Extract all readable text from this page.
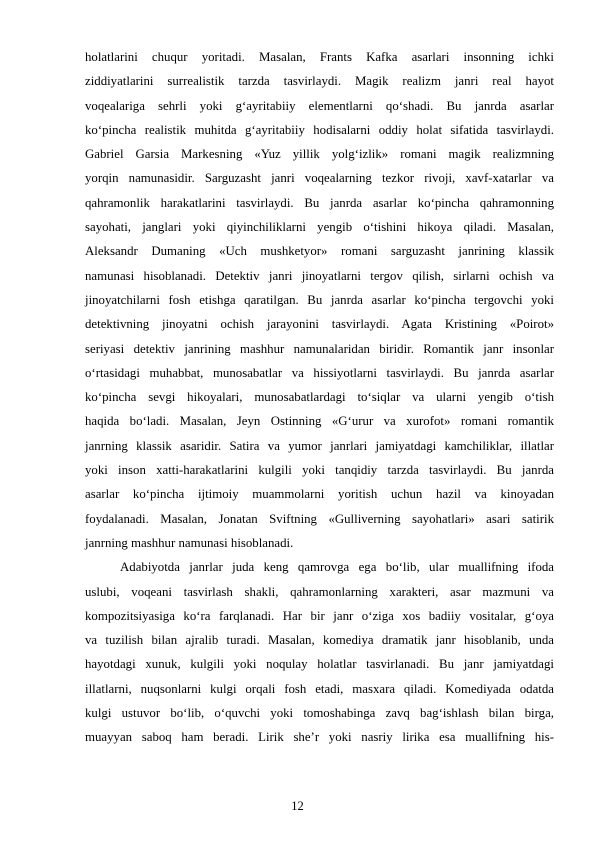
holatlarini chuqur yoritadi. Masalan, Frants Kafka asarlari insonning ichki
ziddiyatlarini surrealistik tarzda tasvirlaydi. Magik realizm janri real hayot
voqealariga sehrli yoki g‘ayritabiiy elementlarni qo‘shadi. Bu janrda asarlar
ko‘pincha realistik muhitda g‘ayritabiiy hodisalarni oddiy holat sifatida tasvirlaydi.
Gabriel Garsia Markesning «Yuz yillik yolg‘izlik» romani magik realizmning
yorqin namunasidir. Sarguzasht janri voqealarning tezkor rivoji, xavf-xatarlar va
qahramonlik harakatlarini tasvirlaydi. Bu janrda asarlar ko‘pincha qahramonning
sayohati, janglari yoki qiyinchiliklarni yengib o‘tishini hikoya qiladi. Masalan,
Aleksandr Dumaning «Uch mushketyor» romani sarguzasht janrining klassik
namunasi hisoblanadi. Detektiv janri jinoyatlarni tergov qilish, sirlarni ochish va
jinoyatchilarni fosh etishga qaratilgan. Bu janrda asarlar ko‘pincha tergovchi yoki
detektivning jinoyatni ochish jarayonini tasvirlaydi. Agata Kristining «Poirot»
seriyasi detektiv janrining mashhur namunalaridan biridir. Romantik janr insonlar
o‘rtasidagi muhabbat, munosabatlar va hissiyotlarni tasvirlaydi. Bu janrda asarlar
ko‘pincha sevgi hikoyalari, munosabatlardagi to‘siqlar va ularni yengib o‘tish
haqida bo‘ladi. Masalan, Jeyn Ostinning «G‘urur va xurofot» romani romantik
janrning klassik asaridir. Satira va yumor janrlari jamiyatdagi kamchiliklar, illatlar
yoki inson xatti-harakatlarini kulgili yoki tanqidiy tarzda tasvirlaydi. Bu janrda
asarlar ko‘pincha ijtimoiy muammolarni yoritish uchun hazil va kinoyadan
foydalanadi. Masalan, Jonatan Sviftning «Gulliverning sayohatlari» asari satirik
janrning mashhur namunasi hisoblanadi.
Adabiyotda janrlar juda keng qamrovga ega bo‘lib, ular muallifning ifoda
uslubi, voqeani tasvirlash shakli, qahramonlarning xarakteri, asar mazmuni va
kompozitsiyasiga ko‘ra farqlanadi. Har bir janr o‘ziga xos badiiy vositalar, g‘oya
va tuzilish bilan ajralib turadi. Masalan, komediya dramatik janr hisoblanib, unda
hayotdagi xunuk, kulgili yoki noqulay holatlar tasvirlanadi. Bu janr jamiyatdagi
illatlarni, nuqsonlarni kulgi orqali fosh etadi, masxara qiladi. Komediyada odatda
kulgi ustuvor bo‘lib, o‘quvchi yoki tomoshabinga zavq bag‘ishlash bilan birga,
muayyan saboq ham beradi. Lirik she’r yoki nasriy lirika esa muallifning his-
12
